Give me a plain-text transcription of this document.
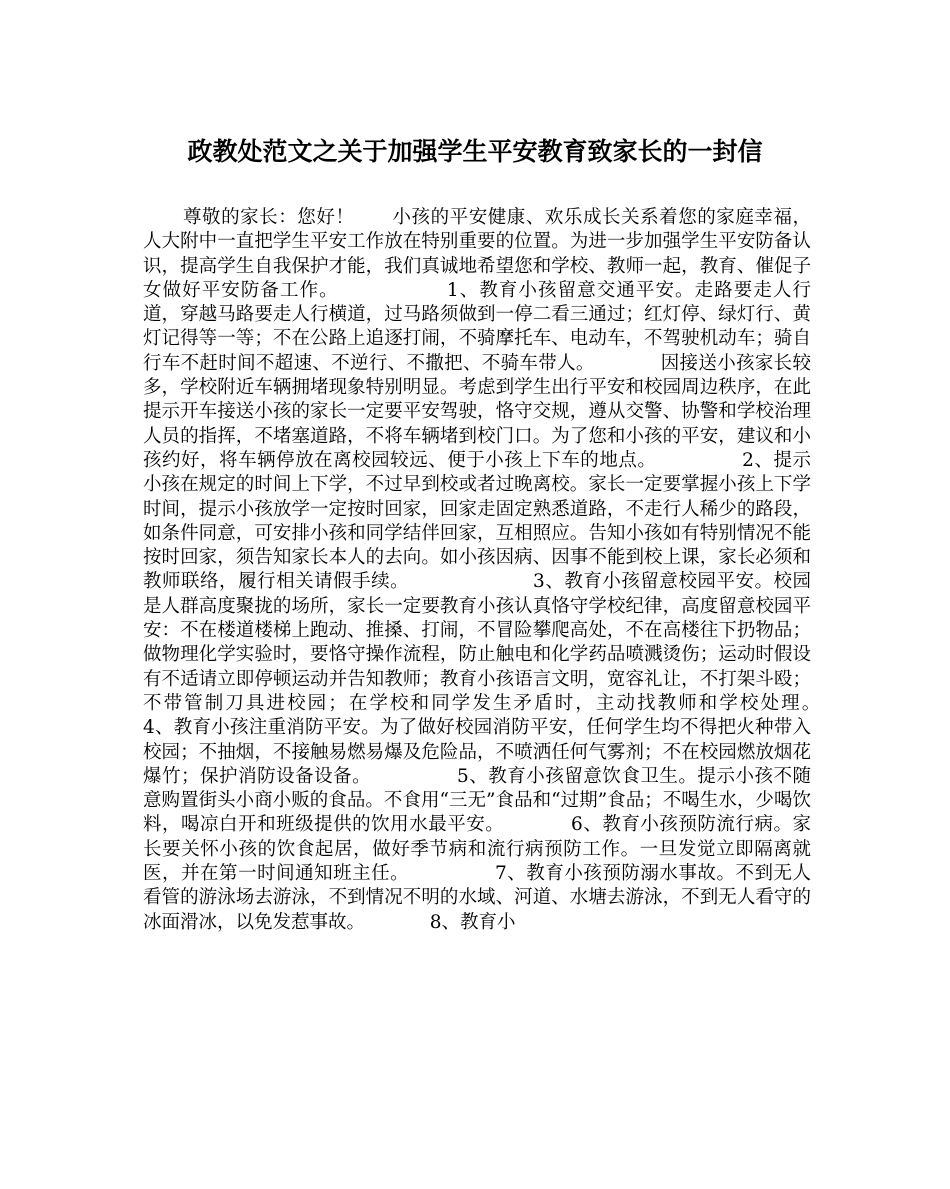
政教处范文之关于加强学生平安教育致家长的一封信

尊敬的家长：您好！　　小孩的平安健康、欢乐成长关系着您的家庭幸福，人大附中一直把学生平安工作放在特别重要的位置。为进一步加强学生平安防备认识，提高学生自我保护才能，我们真诚地希望您和学校、教师一起，教育、催促子女做好平安防备工作。　　　　　　1、教育小孩留意交通平安。走路要走人行道，穿越马路要走人行横道，过马路须做到一停二看三通过；红灯停、绿灯行、黄灯记得等一等；不在公路上追逐打闹，不骑摩托车、电动车，不驾驶机动车；骑自行车不赶时间不超速、不逆行、不撒把、不骑车带人。　　　　因接送小孩家长较多，学校附近车辆拥堵现象特别明显。考虑到学生出行平安和校园周边秩序，在此提示开车接送小孩的家长一定要平安驾驶，恪守交规，遵从交警、协警和学校治理人员的指挥，不堵塞道路，不将车辆堵到校门口。为了您和小孩的平安，建议和小孩约好，将车辆停放在离校园较远、便于小孩上下车的地点。　　　　　2、提示小孩在规定的时间上下学，不过早到校或者过晚离校。家长一定要掌握小孩上下学时间，提示小孩放学一定按时回家，回家走固定熟悉道路，不走行人稀少的路段，如条件同意，可安排小孩和同学结伴回家，互相照应。告知小孩如有特别情况不能按时回家，须告知家长本人的去向。如小孩因病、因事不能到校上课，家长必须和教师联络，履行相关请假手续。　　　　　　　3、教育小孩留意校园平安。校园是人群高度聚拢的场所，家长一定要教育小孩认真恪守学校纪律，高度留意校园平安：不在楼道楼梯上跑动、推搡、打闹，不冒险攀爬高处，不在高楼往下扔物品；做物理化学实验时，要恪守操作流程，防止触电和化学药品喷溅烫伤；运动时假设有不适请立即停顿运动并告知教师；教育小孩语言文明，宽容礼让，不打架斗殴；不带管制刀具进校园；在学校和同学发生矛盾时，主动找教师和学校处理。　　　　　4、教育小孩注重消防平安。为了做好校园消防平安，任何学生均不得把火种带入校园；不抽烟，不接触易燃易爆及危险品，不喷洒任何气雾剂；不在校园燃放烟花爆竹；保护消防设备设备。　　　　　5、教育小孩留意饮食卫生。提示小孩不随意购置街头小商小贩的食品。不食用“三无”食品和“过期”食品；不喝生水，少喝饮料，喝凉白开和班级提供的饮用水最平安。　　　　6、教育小孩预防流行病。家长要关怀小孩的饮食起居，做好季节病和流行病预防工作。一旦发觉立即隔离就医，并在第一时间通知班主任。　　　　　7、教育小孩预防溺水事故。不到无人看管的游泳场去游泳，不到情况不明的水域、河道、水塘去游泳，不到无人看守的冰面滑冰，以免发惹事故。　　　　8、教育小
